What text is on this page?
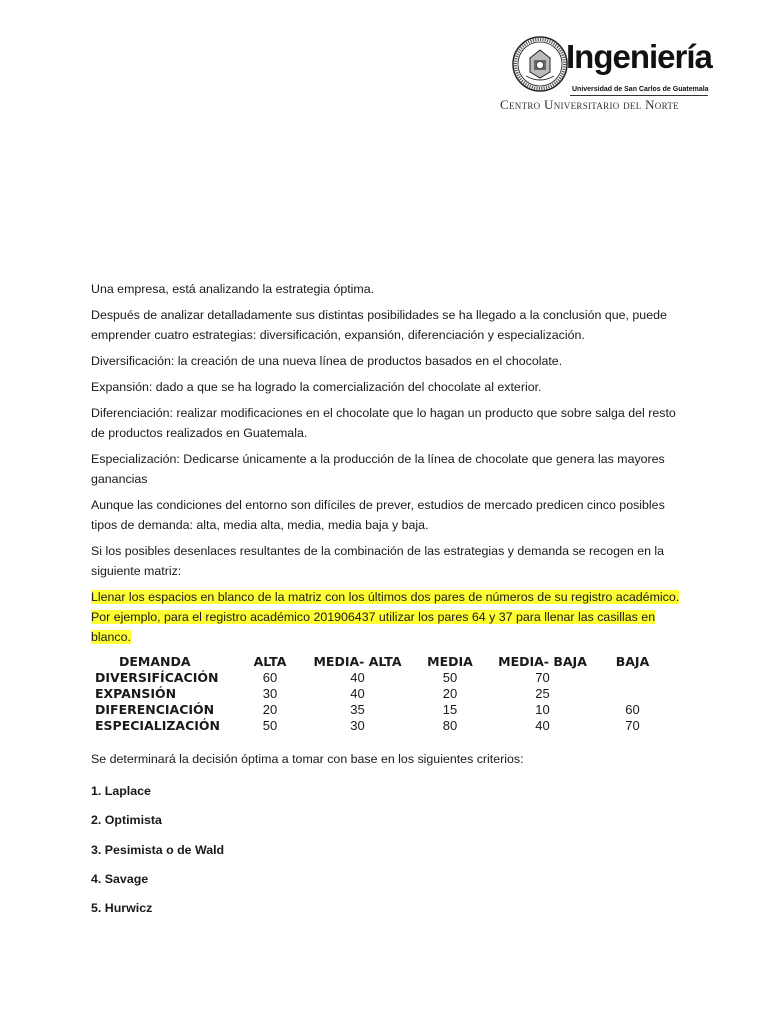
Ingeniería
Universidad de San Carlos de Guatemala
Centro Universitario del Norte

Una empresa, está analizando la estrategia óptima.

Después de analizar detalladamente sus distintas posibilidades se ha llegado a la conclusión que, puede emprender cuatro estrategias: diversificación, expansión, diferenciación y especialización.

Diversificación: la creación de una nueva línea de productos basados en el chocolate.

Expansión: dado a que se ha logrado la comercialización del chocolate al exterior.

Diferenciación: realizar modificaciones en el chocolate que lo hagan un producto que sobre salga del resto de productos realizados en Guatemala.

Especialización: Dedicarse únicamente a la producción de la línea de chocolate que genera las mayores ganancias

Aunque las condiciones del entorno son difíciles de prever, estudios de mercado predicen cinco posibles tipos de demanda: alta, media alta, media, media baja y baja.

Si los posibles desenlaces resultantes de la combinación de las estrategias y demanda se recogen en la siguiente matriz:

Llenar los espacios en blanco de la matriz con los últimos dos pares de números de su registro académico. Por ejemplo, para el registro académico 201906437 utilizar los pares 64 y 37 para llenar las casillas en blanco.

DEMANDA	ALTA	MEDIA- ALTA	MEDIA	MEDIA- BAJA	BAJA
DIVERSIFÍCACIÓN	60	40	50	70	
EXPANSIÓN	30	40	20	25	
DIFERENCIACIÓN	20	35	15	10	60
ESPECIALIZACIÓN	50	30	80	40	70
Se determinará la decisión óptima a tomar con base en los siguientes criterios:
1. Laplace
2. Optimista
3. Pesimista o de Wald
4. Savage
5. Hurwicz
